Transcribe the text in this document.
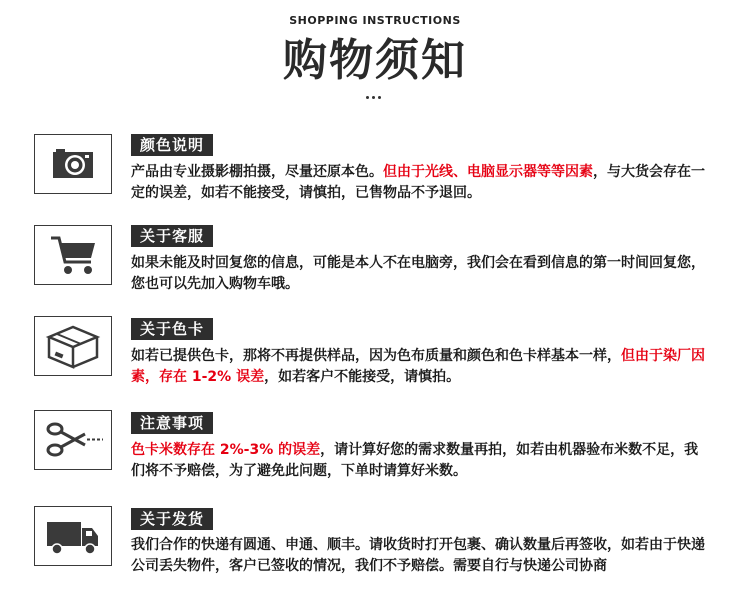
SHOPPING INSTRUCTIONS
购物须知
颜色说明
产品由专业摄影棚拍摄，尽量还原本色。但由于光线、电脑显示器等等因素，与大货会存在一定的误差，如若不能接受，请慎拍，已售物品不予退回。
关于客服
如果未能及时回复您的信息，可能是本人不在电脑旁，我们会在看到信息的第一时间回复您，您也可以先加入购物车哦。
关于色卡
如若已提供色卡，那将不再提供样品，因为色布质量和颜色和色卡样基本一样，但由于染厂因素，存在 1-2% 误差，如若客户不能接受，请慎拍。
注意事项
色卡米数存在 2%-3% 的误差，请计算好您的需求数量再拍，如若由机器验布米数不足，我们将不予赔偿，为了避免此问题，下单时请算好米数。
关于发货
我们合作的快递有圆通、申通、顺丰。请收货时打开包裹、确认数量后再签收，如若由于快递公司丢失物件，客户已签收的情况，我们不予赔偿。需要自行与快递公司协商
